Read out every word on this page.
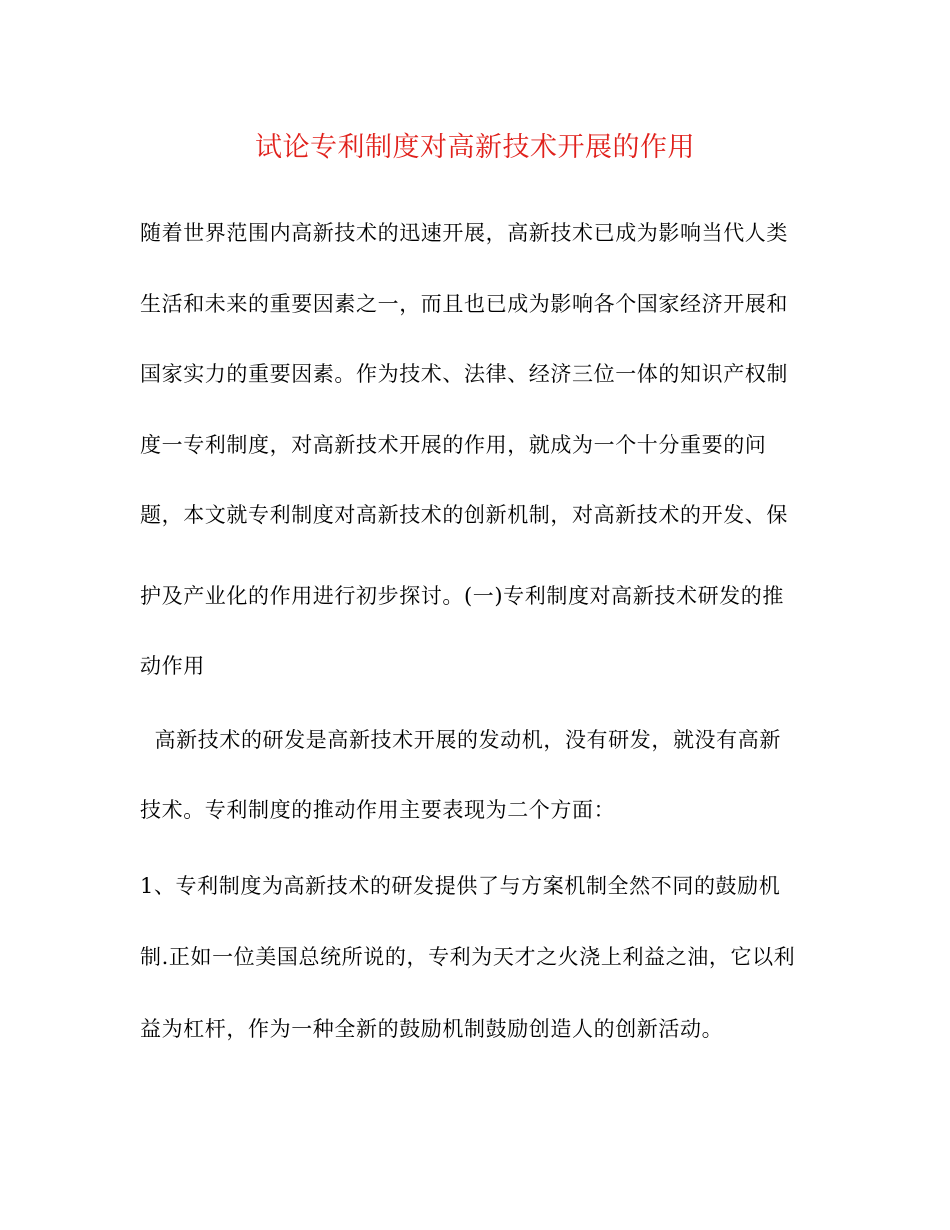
试论专利制度对高新技术开展的作用

随着世界范围内高新技术的迅速开展，高新技术已成为影响当代人类

生活和未来的重要因素之一，而且也已成为影响各个国家经济开展和

国家实力的重要因素。作为技术、法律、经济三位一体的知识产权制

度一专利制度，对高新技术开展的作用，就成为一个十分重要的问

题，本文就专利制度对高新技术的创新机制，对高新技术的开发、保

护及产业化的作用进行初步探讨。(一)专利制度对高新技术研发的推

动作用

高新技术的研发是高新技术开展的发动机，没有研发，就没有高新

技术。专利制度的推动作用主要表现为二个方面：

1、专利制度为高新技术的研发提供了与方案机制全然不同的鼓励机

制.正如一位美国总统所说的，专利为天才之火浇上利益之油，它以利

益为杠杆，作为一种全新的鼓励机制鼓励创造人的创新活动。
